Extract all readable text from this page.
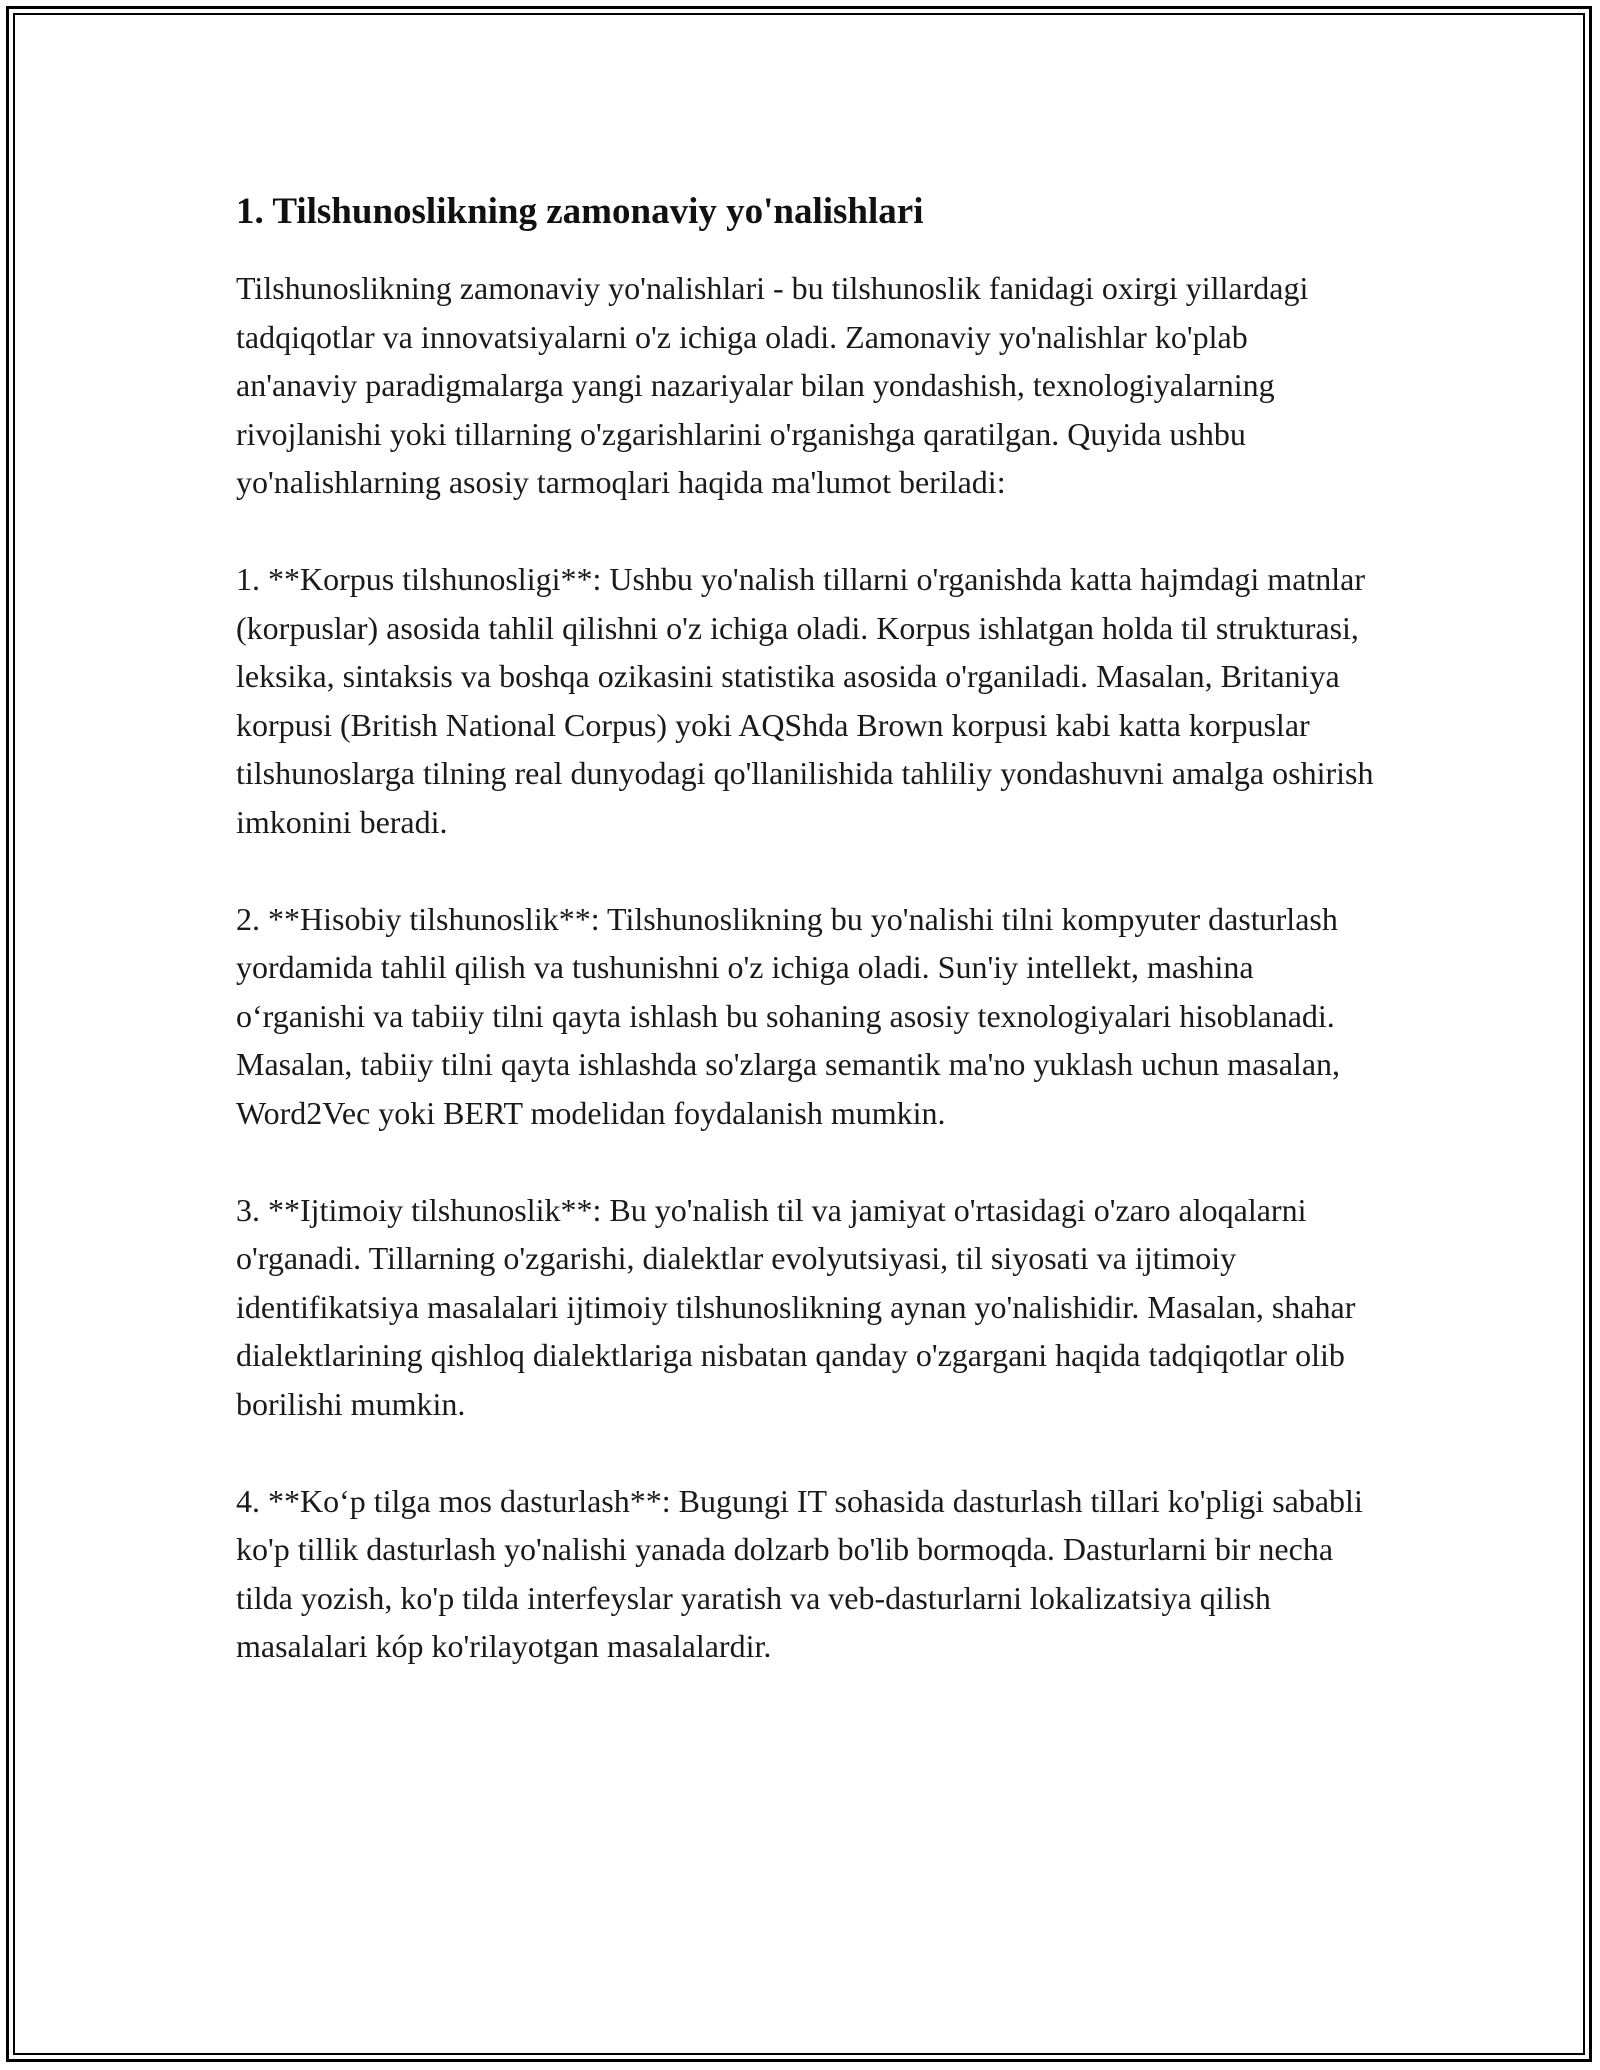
1. Tilshunoslikning zamonaviy yo'nalishlari

Tilshunoslikning zamonaviy yo'nalishlari - bu tilshunoslik fanidagi oxirgi yillardagi tadqiqotlar va innovatsiyalarni o'z ichiga oladi. Zamonaviy yo'nalishlar ko'plab an'anaviy paradigmalarga yangi nazariyalar bilan yondashish, texnologiyalarning rivojlanishi yoki tillarning o'zgarishlarini o'rganishga qaratilgan. Quyida ushbu yo'nalishlarning asosiy tarmoqlari haqida ma'lumot beriladi:

1. **Korpus tilshunosligi**: Ushbu yo'nalish tillarni o'rganishda katta hajmdagi matnlar (korpuslar) asosida tahlil qilishni o'z ichiga oladi. Korpus ishlatgan holda til strukturasi, leksika, sintaksis va boshqa ozikasini statistika asosida o'rganiladi. Masalan, Britaniya korpusi (British National Corpus) yoki AQShda Brown korpusi kabi katta korpuslar tilshunoslarga tilning real dunyodagi qo'llanilishida tahliliy yondashuvni amalga oshirish imkonini beradi.

2. **Hisobiy tilshunoslik**: Tilshunoslikning bu yo'nalishi tilni kompyuter dasturlash yordamida tahlil qilish va tushunishni o'z ichiga oladi. Sun'iy intellekt, mashina o‘rganishi va tabiiy tilni qayta ishlash bu sohaning asosiy texnologiyalari hisoblanadi. Masalan, tabiiy tilni qayta ishlashda so'zlarga semantik ma'no yuklash uchun masalan, Word2Vec yoki BERT modelidan foydalanish mumkin.

3. **Ijtimoiy tilshunoslik**: Bu yo'nalish til va jamiyat o'rtasidagi o'zaro aloqalarni o'rganadi. Tillarning o'zgarishi, dialektlar evolyutsiyasi, til siyosati va ijtimoiy identifikatsiya masalalari ijtimoiy tilshunoslikning aynan yo'nalishidir. Masalan, shahar dialektlarining qishloq dialektlariga nisbatan qanday o'zgargani haqida tadqiqotlar olib borilishi mumkin.

4. **Ko‘p tilga mos dasturlash**: Bugungi IT sohasida dasturlash tillari ko'pligi sababli ko'p tillik dasturlash yo'nalishi yanada dolzarb bo'lib bormoqda. Dasturlarni bir necha tilda yozish, ko'p tilda interfeyslar yaratish va veb-dasturlarni lokalizatsiya qilish masalalari kóp ko'rilayotgan masalalardir.
